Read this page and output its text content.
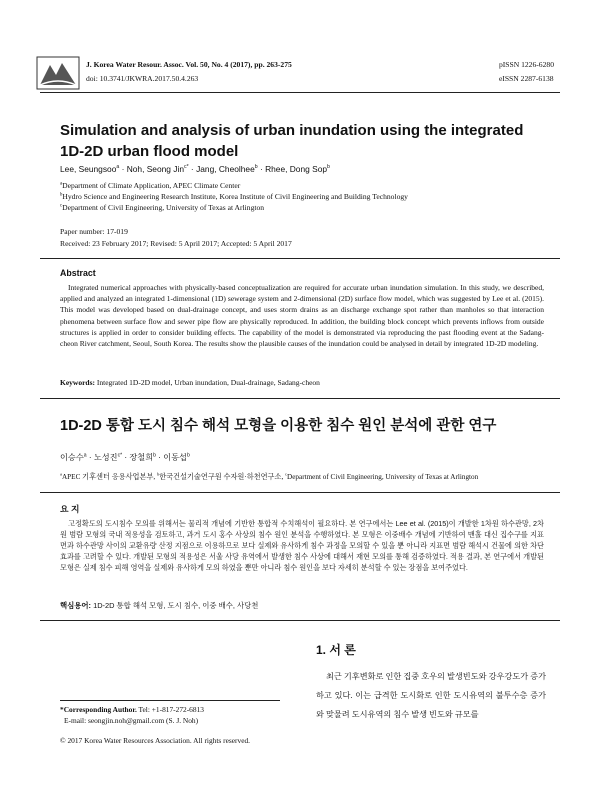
J. Korea Water Resour. Assoc. Vol. 50, No. 4 (2017), pp. 263-275
doi: 10.3741/JKWRA.2017.50.4.263
pISSN 1226-6280
eISSN 2287-6138
Simulation and analysis of urban inundation using the integrated 1D-2D urban flood model
Lee, Seungsoo$^a$ · Noh, Seong Jin$^{c*}$ · Jang, Cheolhee$^b$ · Rhee, Dong Sop$^b$
$^a$Department of Climate Application, APEC Climate Center
$^b$Hydro Science and Engineering Research Institute, Korea Institute of Civil Engineering and Building Technology
$^c$Department of Civil Engineering, University of Texas at Arlington
Paper number: 17-019
Received: 23 February 2017; Revised: 5 April 2017; Accepted: 5 April 2017
Abstract
Integrated numerical approaches with physically-based conceptualization are required for accurate urban inundation simulation. In this study, we described, applied and analyzed an integrated 1-dimensional (1D) sewerage system and 2-dimensional (2D) surface flow model, which was suggested by Lee et al. (2015). This model was developed based on dual-drainage concept, and uses storm drains as an discharge exchange spot rather than manholes so that interaction phenomena between surface flow and sewer pipe flow are physically reproduced. In addition, the building block concept which prevents inflows from outside structures is applied in order to consider building effects. The capability of the model is demonstrated via reproducing the past flooding event at the Sadang-cheon River catchment, Seoul, South Korea. The results show the plausible causes of the inundation could be analysed in detail by integrated 1D-2D modeling.
Keywords: Integrated 1D-2D model, Urban inundation, Dual-drainage, Sadang-cheon
1D-2D 통합 도시 침수 해석 모형을 이용한 침수 원인 분석에 관한 연구
이승수$^a$ · 노성진$^{c*}$ · 장철희$^b$ · 이동섭$^b$
$^a$APEC 기후센터 응용사업본부, $^b$한국건설기술연구원 수자원·하천연구소, $^c$Department of Civil Engineering, University of Texas at Arlington
요 지
고정확도의 도시침수 모의를 위해서는 물리적 개념에 기반한 통합적 수치해석이 필요하다. 본 연구에서는 Lee et al. (2015)이 개발한 1차원 하수관망, 2차원 범람 모형의 국내 적용성을 검토하고, 과거 도시 홍수 사상의 침수 원인 분석을 수행하였다. 본 모형은 이중배수 개념에 기반하여 맨홀 대신 집수구를 지표면과 하수관망 사이의 교환유량 산정 지점으로 이용하므로 보다 실제와 유사하게 침수 과정을 모의할 수 있을 뿐 아니라 지표면 범람 해석시 건물에 의한 차단 효과를 고려할 수 있다. 개발된 모형의 적용성은 서울 사당 유역에서 발생한 침수 사상에 대해서 재현 모의를 통해 검증하였다. 적용 결과, 본 연구에서 개발된 모형은 실제 침수 피해 영역을 실제와 유사하게 모의 하였을 뿐만 아니라 침수 원인을 보다 자세히 분석할 수 있는 장점을 보여주었다.
핵심용어: 1D-2D 통합 해석 모형, 도시 침수, 이중 배수, 사당천
1. 서 론
최근 기후변화로 인한 집중 호우의 발생빈도와 강우강도가 증가하고 있다. 이는 급격한 도시화로 인한 도시유역의 불투수층 증가와 맞물려 도시유역의 침수 발생 빈도와 규모를
*Corresponding Author. Tel: +1-817-272-6813
E-mail: seongjin.noh@gmail.com (S. J. Noh)
© 2017 Korea Water Resources Association. All rights reserved.
